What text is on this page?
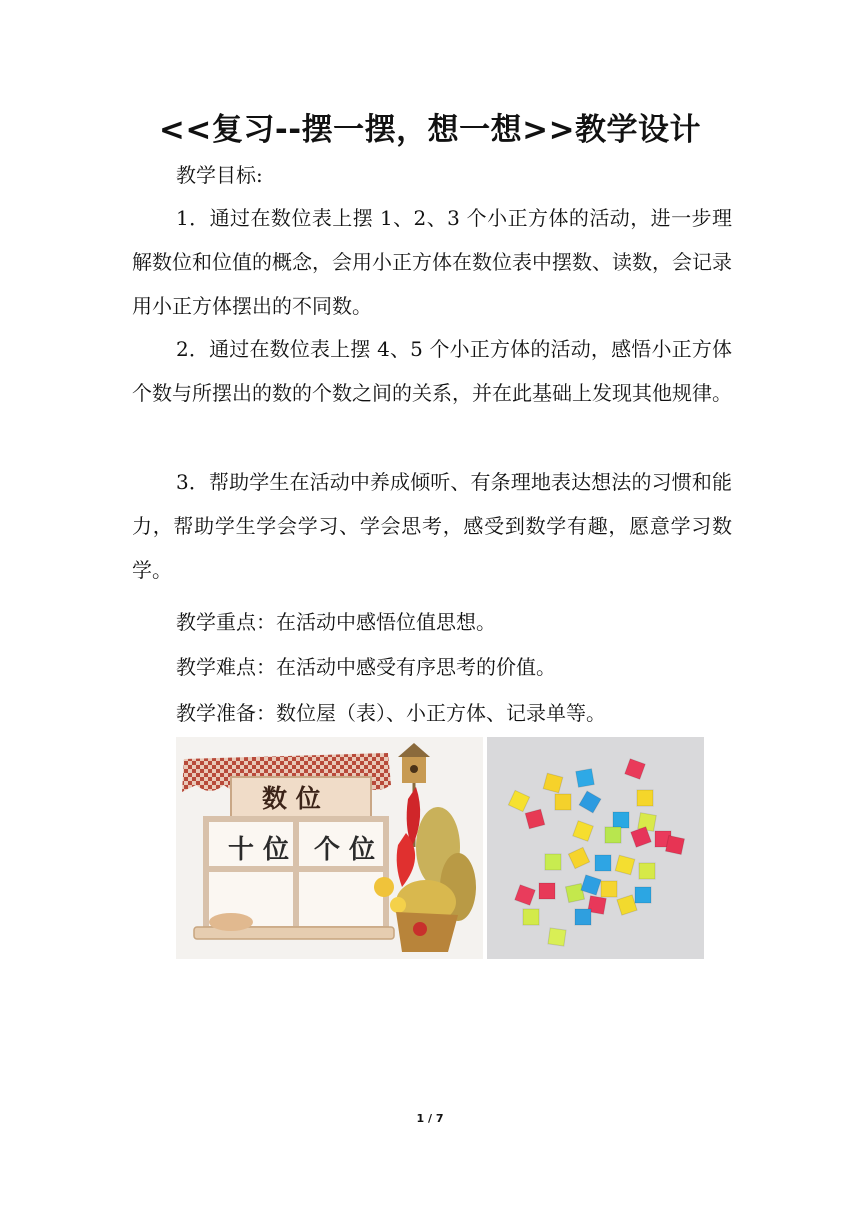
<<复习--摆一摆，想一想>>教学设计

教学目标:

1．通过在数位表上摆 1、2、3 个小正方体的活动，进一步理解数位和位值的概念，会用小正方体在数位表中摆数、读数，会记录用小正方体摆出的不同数。

2．通过在数位表上摆 4、5 个小正方体的活动，感悟小正方体个数与所摆出的数的个数之间的关系，并在此基础上发现其他规律。

3．帮助学生在活动中养成倾听、有条理地表达想法的习惯和能力，帮助学生学会学习、学会思考，感受到数学有趣，愿意学习数学。

教学重点：在活动中感悟位值思想。

教学难点：在活动中感受有序思考的价值。

教学准备：数位屋（表）、小正方体、记录单等。

数 位
十 位 个 位
1 / 7
